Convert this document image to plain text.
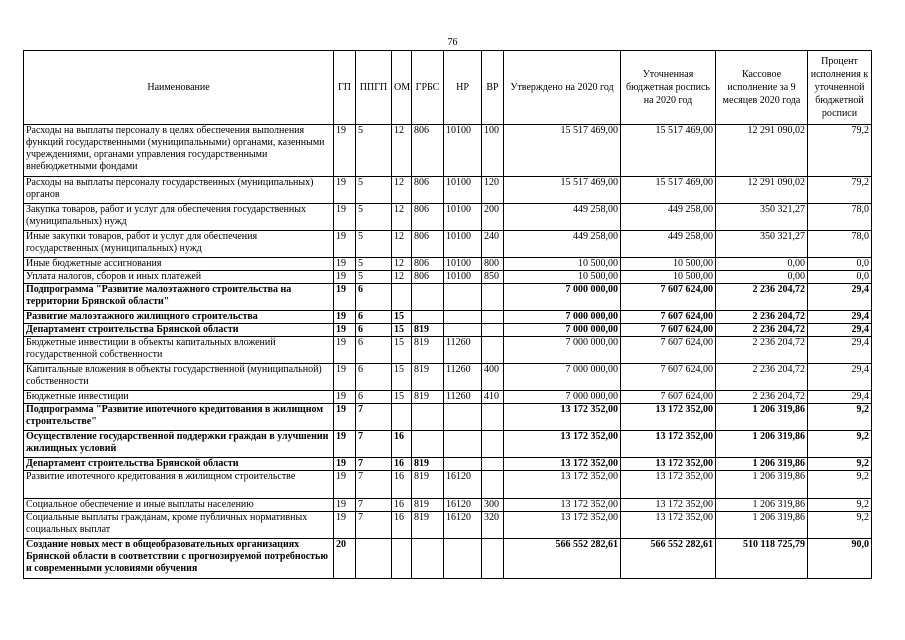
76
Наименование	ГП	ППГП	ОМ	ГРБС	НР	ВР	Утверждено на 2020 год	Уточненная бюджетная роспись на 2020 год	Кассовое исполнение за 9 месяцев 2020 года	Процент исполнения к уточненной бюджетной росписи
Расходы на выплаты персоналу в целях обеспечения выполнения функций государственными (муниципальными) органами, казенными учреждениями, органами управления государственными внебюджетными фондами	19	5	12	806	10100	100	15 517 469,00	15 517 469,00	12 291 090,02	79,2
Расходы на выплаты персоналу государственных (муниципальных) органов	19	5	12	806	10100	120	15 517 469,00	15 517 469,00	12 291 090,02	79,2
Закупка товаров, работ и услуг для обеспечения государственных (муниципальных) нужд	19	5	12	806	10100	200	449 258,00	449 258,00	350 321,27	78,0
Иные закупки товаров, работ и услуг для обеспечения государственных (муниципальных) нужд	19	5	12	806	10100	240	449 258,00	449 258,00	350 321,27	78,0
Иные бюджетные ассигнования	19	5	12	806	10100	800	10 500,00	10 500,00	0,00	0,0
Уплата налогов, сборов и иных платежей	19	5	12	806	10100	850	10 500,00	10 500,00	0,00	0,0
Подпрограмма "Развитие малоэтажного строительства на территории Брянской области"	19	6					7 000 000,00	7 607 624,00	2 236 204,72	29,4
Развитие малоэтажного жилищного строительства	19	6	15				7 000 000,00	7 607 624,00	2 236 204,72	29,4
Департамент строительства Брянской области	19	6	15	819			7 000 000,00	7 607 624,00	2 236 204,72	29,4
Бюджетные инвестиции в объекты капитальных вложений государственной собственности	19	6	15	819	11260		7 000 000,00	7 607 624,00	2 236 204,72	29,4
Капитальные вложения в объекты государственной (муниципальной) собственности	19	6	15	819	11260	400	7 000 000,00	7 607 624,00	2 236 204,72	29,4
Бюджетные инвестиции	19	6	15	819	11260	410	7 000 000,00	7 607 624,00	2 236 204,72	29,4
Подпрограмма "Развитие ипотечного кредитования в жилищном строительстве"	19	7					13 172 352,00	13 172 352,00	1 206 319,86	9,2
Осуществление государственной поддержки граждан в улучшении жилищных условий	19	7	16				13 172 352,00	13 172 352,00	1 206 319,86	9,2
Департамент строительства Брянской области	19	7	16	819			13 172 352,00	13 172 352,00	1 206 319,86	9,2
Развитие ипотечного кредитования в жилищном строительстве	19	7	16	819	16120		13 172 352,00	13 172 352,00	1 206 319,86	9,2
Социальное обеспечение и иные выплаты населению	19	7	16	819	16120	300	13 172 352,00	13 172 352,00	1 206 319,86	9,2
Социальные выплаты гражданам, кроме публичных нормативных социальных выплат	19	7	16	819	16120	320	13 172 352,00	13 172 352,00	1 206 319,86	9,2
Создание новых мест в общеобразовательных организациях Брянской области в соответствии с прогнозируемой потребностью и современными условиями обучения	20						566 552 282,61	566 552 282,61	510 118 725,79	90,0
